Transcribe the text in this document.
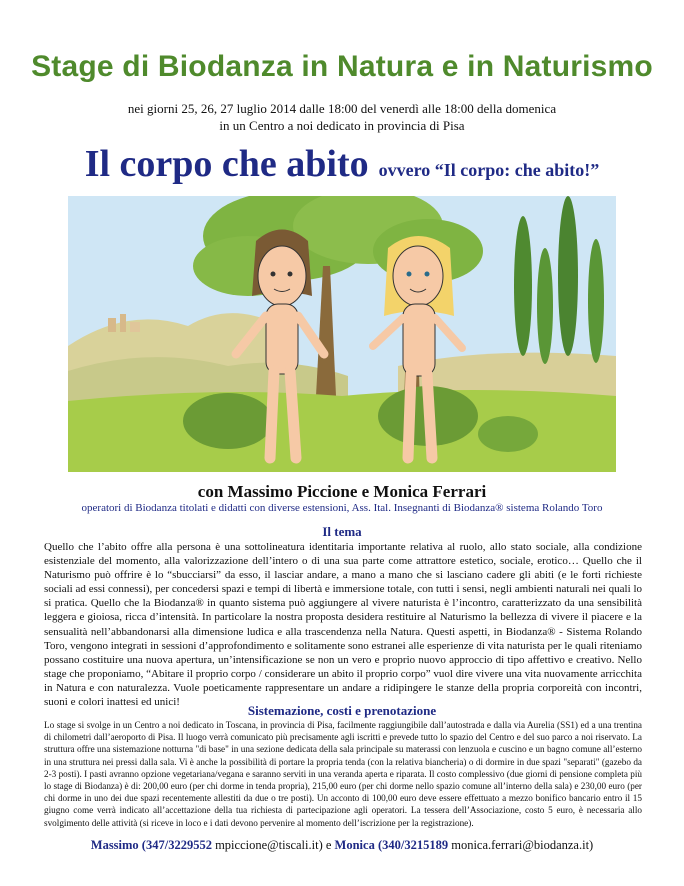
Stage di Biodanza in Natura e in Naturismo
nei giorni 25, 26, 27 luglio 2014 dalle 18:00 del venerdì alle 18:00 della domenica
in un Centro a noi dedicato in provincia di Pisa
Il corpo che abito ovvero “Il corpo: che abito!”
con Massimo Piccione e Monica Ferrari
operatori di Biodanza titolati e didatti con diverse estensioni, Ass. Ital. Insegnanti di Biodanza® sistema Rolando Toro
Il tema
Quello che l’abito offre alla persona è una sottolineatura identitaria importante relativa al ruolo, allo stato sociale, alla condizione esistenziale del momento, alla valorizzazione dell’intero o di una sua parte come attrattore estetico, sociale, erotico… Quello che il Naturismo può offrire è lo “sbucciarsi” da esso, il lasciar andare, a mano a mano che si lasciano cadere gli abiti (e le forti richieste sociali ad essi connessi), per concedersi spazi e tempi di libertà e immersione totale, con tutti i sensi, negli ambienti naturali nei quali lo si pratica. Quello che la Biodanza® in quanto sistema può aggiungere al vivere naturista è l’incontro, caratterizzato da una sensibilità leggera e gioiosa, ricca d’intensità. In particolare la nostra proposta desidera restituire al Naturismo la bellezza di vivere il piacere e la sensualità nell’abbandonarsi alla dimensione ludica e alla trascendenza nella Natura. Questi aspetti, in Biodanza® - Sistema Rolando Toro, vengono integrati in sessioni d’approfondimento e solitamente sono estranei alle esperienze di vita naturista per le quali riteniamo possano costituire una nuova apertura, un’intensificazione se non un vero e proprio nuovo approccio di tipo affettivo e creativo. Nello stage che proponiamo, “Abitare il proprio corpo / considerare un abito il proprio corpo” vuol dire vivere una vita nuovamente arricchita in Natura e con naturalezza. Vuole poeticamente rappresentare un andare a ridipingere le stanze della propria corporeità con incontri, suoni e colori inattesi ed unici!
Sistemazione, costi e prenotazione
Lo stage si svolge in un Centro a noi dedicato in Toscana, in provincia di Pisa, facilmente raggiungibile dall’autostrada e dalla via Aurelia (SS1) ed a una trentina di chilometri dall’aeroporto di Pisa. Il luogo verrà comunicato più precisamente agli iscritti e prevede tutto lo spazio del Centro e del suo parco a noi riservato. La struttura offre una sistemazione notturna "di base" in una sezione dedicata della sala principale su materassi con lenzuola e cuscino e un bagno comune all’esterno in una struttura nei pressi dalla sala. Vi è anche la possibilità di portare la propria tenda (con la relativa biancheria) o di dormire in due spazi "separati" (gazebo da 2-3 posti). I pasti avranno opzione vegetariana/vegana e saranno serviti in una veranda aperta e riparata. Il costo complessivo (due giorni di pensione completa più lo stage di Biodanza) è di: 200,00 euro (per chi dorme in tenda propria), 215,00 euro (per chi dorme nello spazio comune all’interno della sala) e 230,00 euro (per chi dorme in uno dei due spazi recentemente allestiti da due o tre posti). Un acconto di 100,00 euro deve essere effettuato a mezzo bonifico bancario entro il 15 giugno come verrà indicato all’accettazione della tua richiesta di partecipazione agli operatori. La tessera dell’Associazione, costo 5 euro, è necessaria allo svolgimento delle attività (si riceve in loco e i dati devono pervenire al momento dell’iscrizione per la registrazione).
Massimo (347/3229552 mpiccione@tiscali.it) e Monica (340/3215189 monica.ferrari@biodanza.it)
